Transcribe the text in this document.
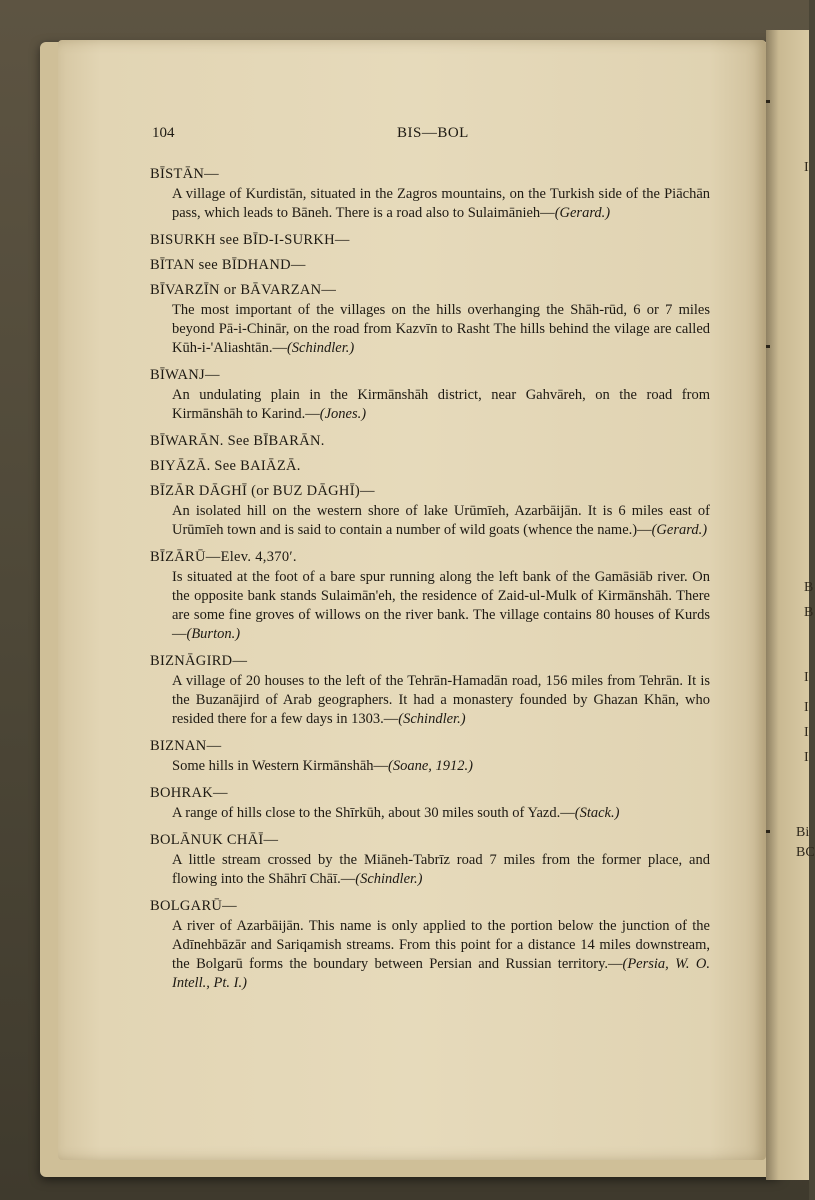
I
B
B
I
I
I
I
Bi
BC
104	BIS—BOL

BĪSTĀN—

A village of Kurdistān, situated in the Zagros mountains, on the Turkish side of the Piāchān pass, which leads to Bāneh. There is a road also to Sulaimānieh—(Gerard.)

BISURKH see BĪD-I-SURKH—

BĪTAN see BĪDHAND—

BĪVARZĪN or BĀVARZAN—

The most important of the villages on the hills overhanging the Shāh-rūd, 6 or 7 miles beyond Pā-i-Chinār, on the road from Kazvīn to Rasht The hills behind the vilage are called Kūh-i-'Aliashtān.—(Schindler.)

BĪWANJ—

An undulating plain in the Kirmānshāh district, near Gahvāreh, on the road from Kirmānshāh to Karind.—(Jones.)

BĪWARĀN. See BĪBARĀN.

BIYĀZĀ. See BAIĀZĀ.

BĪZĀR DĀGHĪ (or BUZ DĀGHĪ)—

An isolated hill on the western shore of lake Urūmīeh, Azarbāijān. It is 6 miles east of Urūmīeh town and is said to contain a number of wild goats (whence the name.)—(Gerard.)

BĪZĀRŪ—Elev. 4,370′.

Is situated at the foot of a bare spur running along the left bank of the Gamāsiāb river. On the opposite bank stands Sulaimān'eh, the residence of Zaid-ul-Mulk of Kirmānshāh. There are some fine groves of willows on the river bank. The village contains 80 houses of Kurds—(Burton.)

BIZNĀGIRD—

A village of 20 houses to the left of the Tehrān-Hamadān road, 156 miles from Tehrān. It is the Buzanājird of Arab geographers. It had a monastery founded by Ghazan Khān, who resided there for a few days in 1303.—(Schindler.)

BIZNAN—

Some hills in Western Kirmānshāh—(Soane, 1912.)

BOHRAK—

A range of hills close to the Shīrkūh, about 30 miles south of Yazd.—(Stack.)

BOLĀNUK CHĀĪ—

A little stream crossed by the Miāneh-Tabrīz road 7 miles from the former place, and flowing into the Shāhrī Chāī.—(Schindler.)

BOLGARŪ—

A river of Azarbāijān. This name is only applied to the portion below the junction of the Adīnehbāzār and Sariqamish streams. From this point for a distance 14 miles downstream, the Bolgarū forms the boundary between Persian and Russian territory.—(Persia, W. O. Intell., Pt. I.)
